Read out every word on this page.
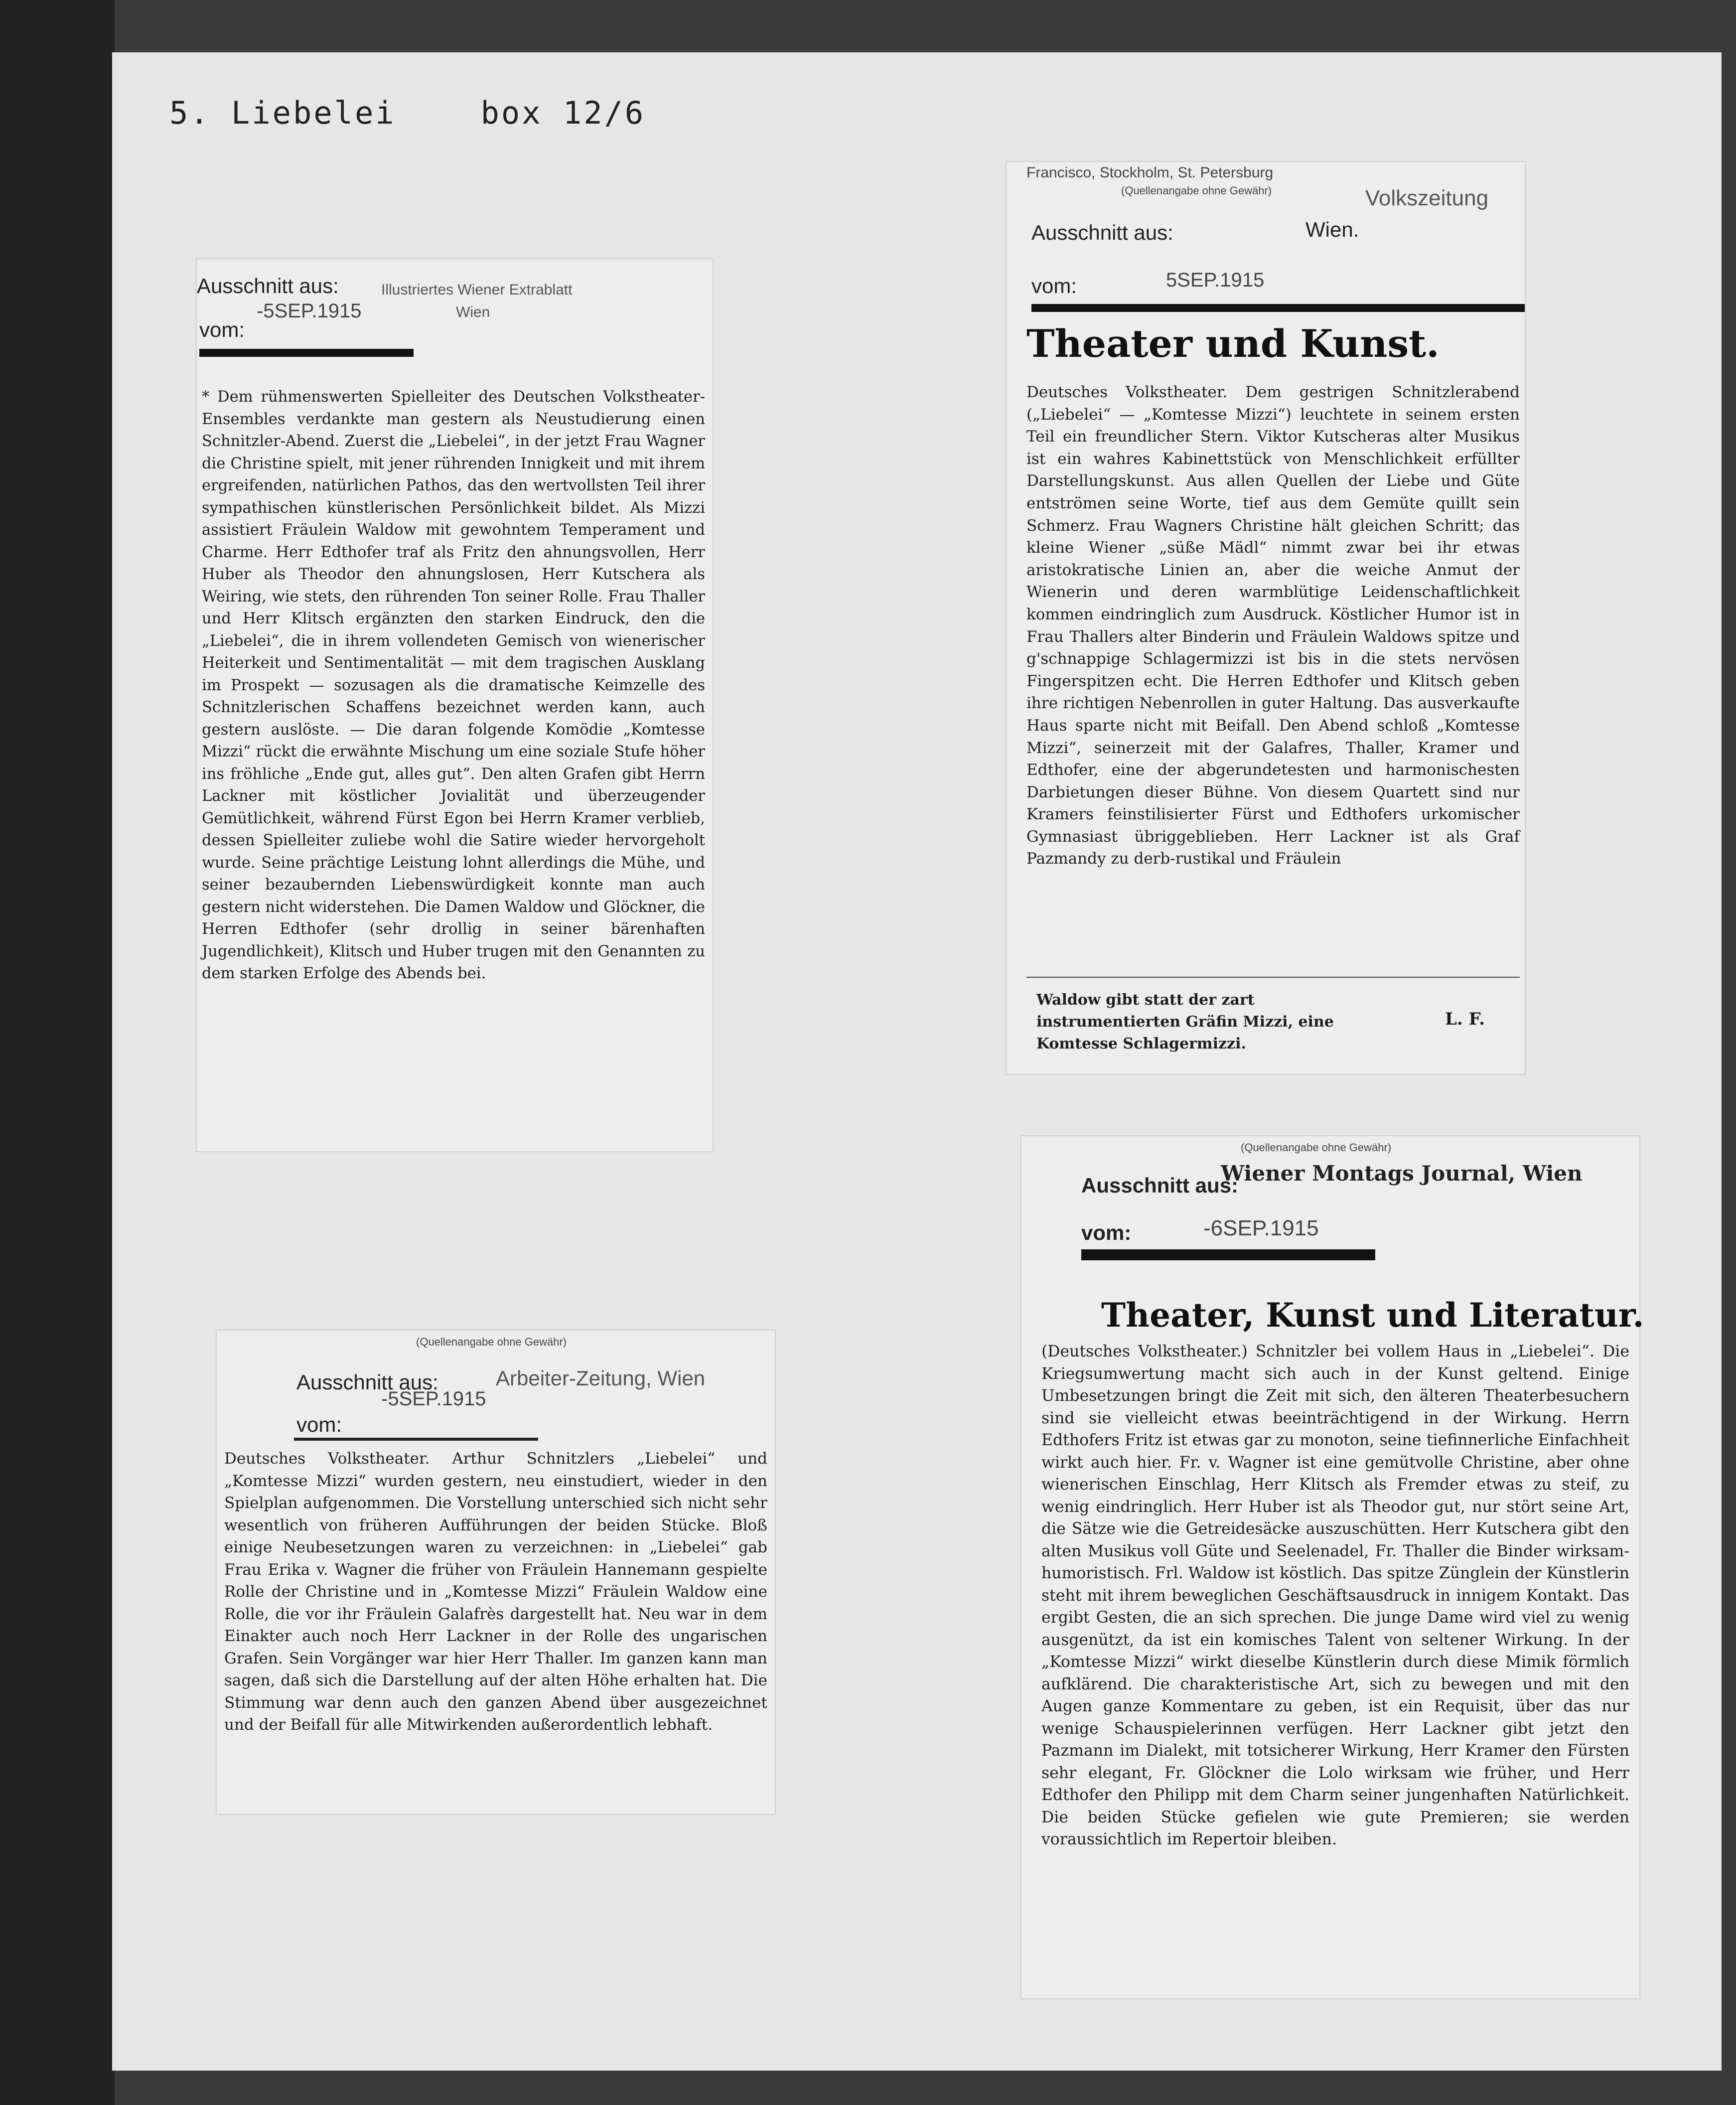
5. Liebelei	box 12/6
Ausschnitt aus:	Illustriertes Wiener Extrablatt
Wien
vom:
-5SEP.1915

* Dem rühmenswerten Spielleiter des Deutschen Volkstheater-Ensembles verdankte man gestern als Neustudierung einen Schnitzler-Abend. Zuerst die „Liebelei“, in der jetzt Frau Wagner die Christine spielt, mit jener rührenden Innigkeit und mit ihrem ergreifenden, natürlichen Pathos, das den wertvollsten Teil ihrer sympathischen künstlerischen Persönlichkeit bildet. Als Mizzi assistiert Fräulein Waldow mit gewohntem Temperament und Charme. Herr Edthofer traf als Fritz den ahnungsvollen, Herr Huber als Theodor den ahnungslosen, Herr Kutschera als Weiring, wie stets, den rührenden Ton seiner Rolle. Frau Thaller und Herr Klitsch ergänzten den starken Eindruck, den die „Liebelei“, die in ihrem vollendeten Gemisch von wienerischer Heiterkeit und Sentimentalität — mit dem tragischen Ausklang im Prospekt — sozusagen als die dramatische Keimzelle des Schnitzlerischen Schaffens bezeichnet werden kann, auch gestern auslöste. — Die daran folgende Komödie „Komtesse Mizzi“ rückt die erwähnte Mischung um eine soziale Stufe höher ins fröhliche „Ende gut, alles gut“. Den alten Grafen gibt Herrn Lackner mit köstlicher Jovialität und überzeugender Gemütlichkeit, während Fürst Egon bei Herrn Kramer verblieb, dessen Spielleiter zuliebe wohl die Satire wieder hervorgeholt wurde. Seine prächtige Leistung lohnt allerdings die Mühe, und seiner bezaubernden Liebenswürdigkeit konnte man auch gestern nicht widerstehen. Die Damen Waldow und Glöckner, die Herren Edthofer (sehr drollig in seiner bärenhaften Jugendlichkeit), Klitsch und Huber trugen mit den Genannten zu dem starken Erfolge des Abends bei.

Francisco, Stockholm, St. Petersburg
(Quellenangabe ohne Gewähr)	Volkszeitung
Ausschnitt aus:	Wien.
vom:	5SEP.1915
Theater und Kunst.

Deutsches Volkstheater. Dem gestrigen Schnitzlerabend („Liebelei“ — „Komtesse Mizzi“) leuchtete in seinem ersten Teil ein freundlicher Stern. Viktor Kutscheras alter Musikus ist ein wahres Kabinettstück von Menschlichkeit erfüllter Darstellungskunst. Aus allen Quellen der Liebe und Güte entströmen seine Worte, tief aus dem Gemüte quillt sein Schmerz. Frau Wagners Christine hält gleichen Schritt; das kleine Wiener „süße Mädl“ nimmt zwar bei ihr etwas aristokratische Linien an, aber die weiche Anmut der Wienerin und deren warmblütige Leidenschaftlichkeit kommen eindringlich zum Ausdruck. Köstlicher Humor ist in Frau Thallers alter Binderin und Fräulein Waldows spitze und g'schnappige Schlagermizzi ist bis in die stets nervösen Fingerspitzen echt. Die Herren Edthofer und Klitsch geben ihre richtigen Nebenrollen in guter Haltung. Das ausverkaufte Haus sparte nicht mit Beifall. Den Abend schloß „Komtesse Mizzi“, seinerzeit mit der Galafres, Thaller, Kramer und Edthofer, eine der abgerundetesten und harmonischesten Darbietungen dieser Bühne. Von diesem Quartett sind nur Kramers feinstilisierter Fürst und Edthofers urkomischer Gymnasiast übriggeblieben. Herr Lackner ist als Graf Pazmandy zu derb-rustikal und Fräulein

Waldow gibt statt der zart instrumentierten Gräfin Mizzi, eine Komtesse Schlagermizzi.

L. F.
(Quellenangabe ohne Gewähr)
Ausschnitt aus:	Arbeiter-Zeitung, Wien
vom:
-5SEP.1915

Deutsches Volkstheater. Arthur Schnitzlers „Liebelei“ und „Komtesse Mizzi“ wurden gestern, neu einstudiert, wieder in den Spielplan aufgenommen. Die Vorstellung unterschied sich nicht sehr wesentlich von früheren Aufführungen der beiden Stücke. Bloß einige Neubesetzungen waren zu verzeichnen: in „Liebelei“ gab Frau Erika v. Wagner die früher von Fräulein Hannemann gespielte Rolle der Christine und in „Komtesse Mizzi“ Fräulein Waldow eine Rolle, die vor ihr Fräulein Galafrès dargestellt hat. Neu war in dem Einakter auch noch Herr Lackner in der Rolle des ungarischen Grafen. Sein Vorgänger war hier Herr Thaller. Im ganzen kann man sagen, daß sich die Darstellung auf der alten Höhe erhalten hat. Die Stimmung war denn auch den ganzen Abend über ausgezeichnet und der Beifall für alle Mitwirkenden außerordentlich lebhaft.

(Quellenangabe ohne Gewähr)
Ausschnitt aus:
Wiener Montags Journal, Wien
vom:	-6SEP.1915
Theater, Kunst und Literatur.

(Deutsches Volkstheater.) Schnitzler bei vollem Haus in „Liebelei“. Die Kriegsumwertung macht sich auch in der Kunst geltend. Einige Umbesetzungen bringt die Zeit mit sich, den älteren Theaterbesuchern sind sie vielleicht etwas beeinträchtigend in der Wirkung. Herrn Edthofers Fritz ist etwas gar zu monoton, seine tiefinnerliche Einfachheit wirkt auch hier. Fr. v. Wagner ist eine gemütvolle Christine, aber ohne wienerischen Einschlag, Herr Klitsch als Fremder etwas zu steif, zu wenig eindringlich. Herr Huber ist als Theodor gut, nur stört seine Art, die Sätze wie die Getreidesäcke auszuschütten. Herr Kutschera gibt den alten Musikus voll Güte und Seelenadel, Fr. Thaller die Binder wirksam-humoristisch. Frl. Waldow ist köstlich. Das spitze Zünglein der Künstlerin steht mit ihrem beweglichen Geschäftsausdruck in innigem Kontakt. Das ergibt Gesten, die an sich sprechen. Die junge Dame wird viel zu wenig ausgenützt, da ist ein komisches Talent von seltener Wirkung. In der „Komtesse Mizzi“ wirkt dieselbe Künstlerin durch diese Mimik förmlich aufklärend. Die charakteristische Art, sich zu bewegen und mit den Augen ganze Kommentare zu geben, ist ein Requisit, über das nur wenige Schauspielerinnen verfügen. Herr Lackner gibt jetzt den Pazmann im Dialekt, mit totsicherer Wirkung, Herr Kramer den Fürsten sehr elegant, Fr. Glöckner die Lolo wirksam wie früher, und Herr Edthofer den Philipp mit dem Charm seiner jungenhaften Natürlichkeit. Die beiden Stücke gefielen wie gute Premieren; sie werden voraussichtlich im Repertoir bleiben.
